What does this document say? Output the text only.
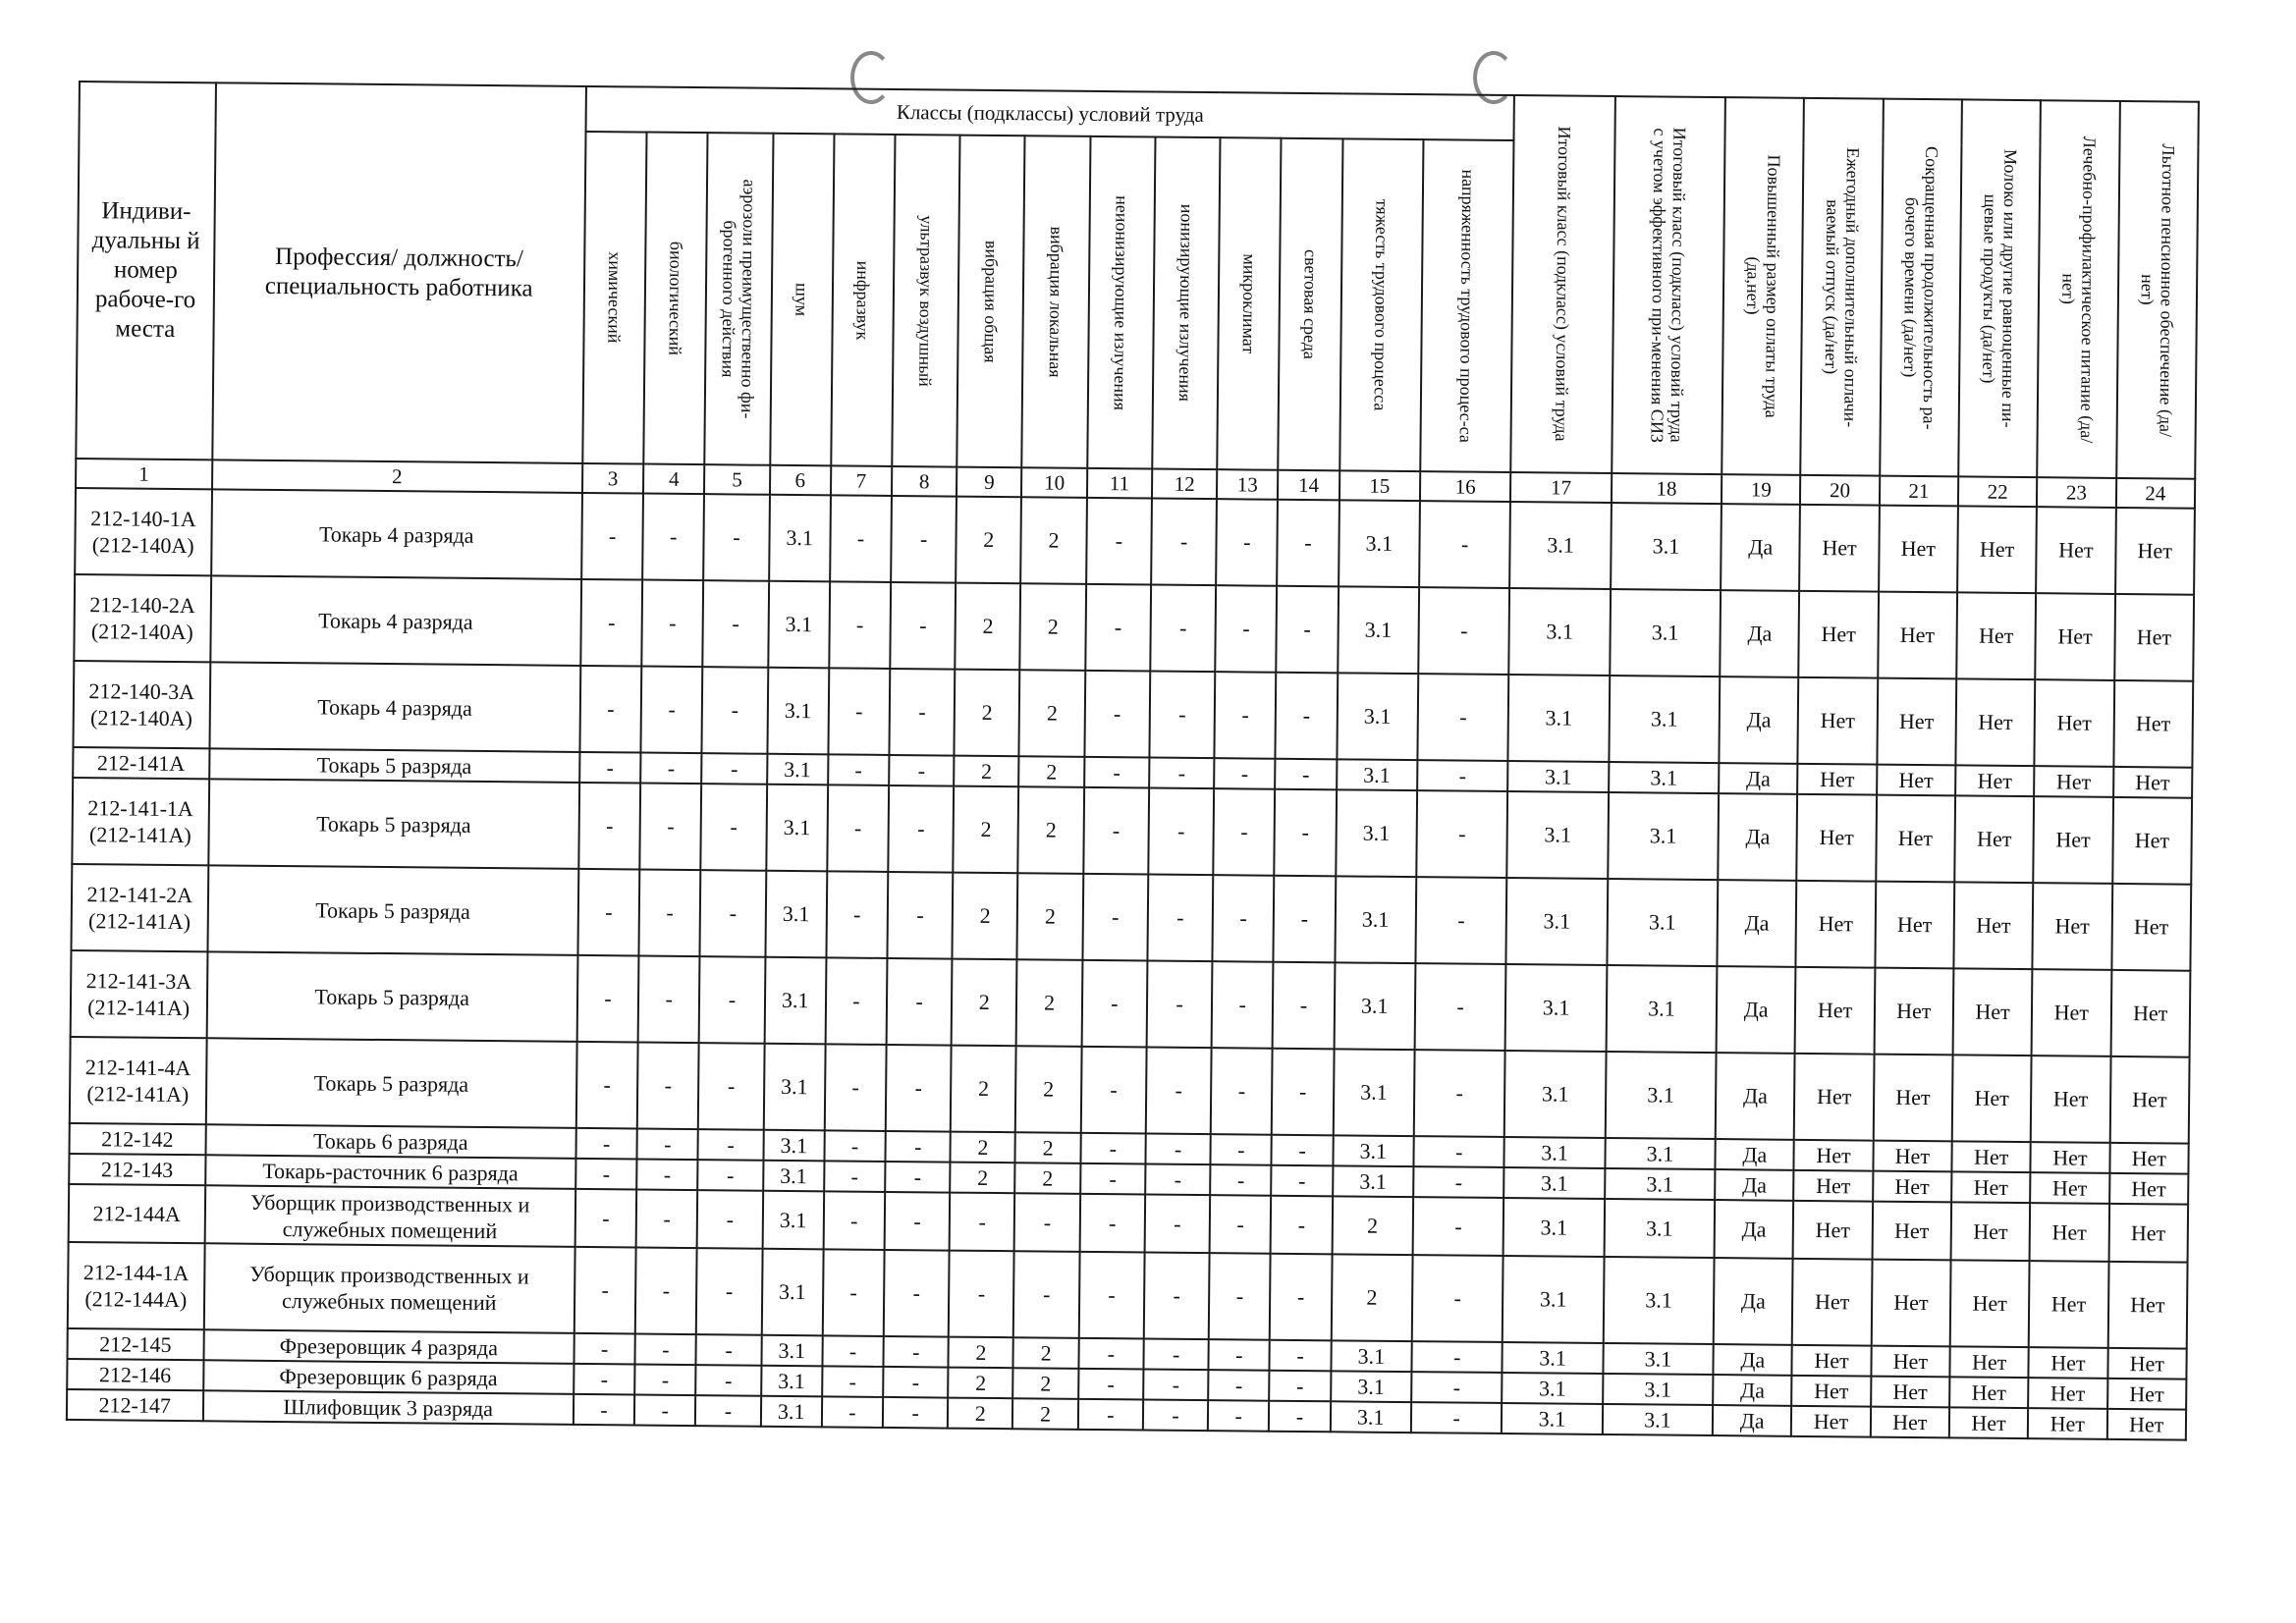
Индиви-дуальны й номер рабоче-го места	Профессия/ должность/ специальность работника	Классы (подклассы) условий труда														Итоговый класс (подкласс) условий труда	Итоговый класс (подкласс) условий труда с учетом эффективного при-менения СИЗ	Повышенный размер оплаты труда (да,нет)	Ежегодный дополнительный оплачи-ваемый отпуск (да/нет)	Сокращенная продолжительность ра-бочего времени (да/нет)	Молоко или другие равноценные пи-щевые продукты (да/нет)	Лечебно-профилактическое питание (да/нет)	Льготное пенсионное обеспечение (да/нет)

		химический	биологический	аэрозоли преимущественно фи-брогенного действия	шум	инфразвук	ультразвук воздушный	вибрация общая	вибрация локальная	неионизирующие излучения	ионизирующие излучения	микроклимат	световая среда	тяжесть трудового процесса	напряженность трудового процес-са								

1	2	3	4	5	6	7	8	9	10	11	12	13	14	15	16	17	18	19	20	21	22	23	24
212-140-1А (212-140А)	Токарь 4 разряда	-	-	-	3.1	-	-	2	2	-	-	-	-	3.1	-	3.1	3.1	Да	Нет	Нет	Нет	Нет	Нет
212-140-2А (212-140А)	Токарь 4 разряда	-	-	-	3.1	-	-	2	2	-	-	-	-	3.1	-	3.1	3.1	Да	Нет	Нет	Нет	Нет	Нет
212-140-3А (212-140А)	Токарь 4 разряда	-	-	-	3.1	-	-	2	2	-	-	-	-	3.1	-	3.1	3.1	Да	Нет	Нет	Нет	Нет	Нет
212-141А	Токарь 5 разряда	-	-	-	3.1	-	-	2	2	-	-	-	-	3.1	-	3.1	3.1	Да	Нет	Нет	Нет	Нет	Нет
212-141-1А (212-141А)	Токарь 5 разряда	-	-	-	3.1	-	-	2	2	-	-	-	-	3.1	-	3.1	3.1	Да	Нет	Нет	Нет	Нет	Нет
212-141-2А (212-141А)	Токарь 5 разряда	-	-	-	3.1	-	-	2	2	-	-	-	-	3.1	-	3.1	3.1	Да	Нет	Нет	Нет	Нет	Нет
212-141-3А (212-141А)	Токарь 5 разряда	-	-	-	3.1	-	-	2	2	-	-	-	-	3.1	-	3.1	3.1	Да	Нет	Нет	Нет	Нет	Нет
212-141-4А (212-141А)	Токарь 5 разряда	-	-	-	3.1	-	-	2	2	-	-	-	-	3.1	-	3.1	3.1	Да	Нет	Нет	Нет	Нет	Нет
212-142	Токарь 6 разряда	-	-	-	3.1	-	-	2	2	-	-	-	-	3.1	-	3.1	3.1	Да	Нет	Нет	Нет	Нет	Нет
212-143	Токарь-расточник 6 разряда	-	-	-	3.1	-	-	2	2	-	-	-	-	3.1	-	3.1	3.1	Да	Нет	Нет	Нет	Нет	Нет
212-144А	Уборщик производственных и служебных помещений	-	-	-	3.1	-	-	-	-	-	-	-	-	2	-	3.1	3.1	Да	Нет	Нет	Нет	Нет	Нет
212-144-1А (212-144А)	Уборщик производственных и служебных помещений	-	-	-	3.1	-	-	-	-	-	-	-	-	2	-	3.1	3.1	Да	Нет	Нет	Нет	Нет	Нет
212-145	Фрезеровщик 4 разряда	-	-	-	3.1	-	-	2	2	-	-	-	-	3.1	-	3.1	3.1	Да	Нет	Нет	Нет	Нет	Нет
212-146	Фрезеровщик 6 разряда	-	-	-	3.1	-	-	2	2	-	-	-	-	3.1	-	3.1	3.1	Да	Нет	Нет	Нет	Нет	Нет
212-147	Шлифовщик 3 разряда	-	-	-	3.1	-	-	2	2	-	-	-	-	3.1	-	3.1	3.1	Да	Нет	Нет	Нет	Нет	Нет
